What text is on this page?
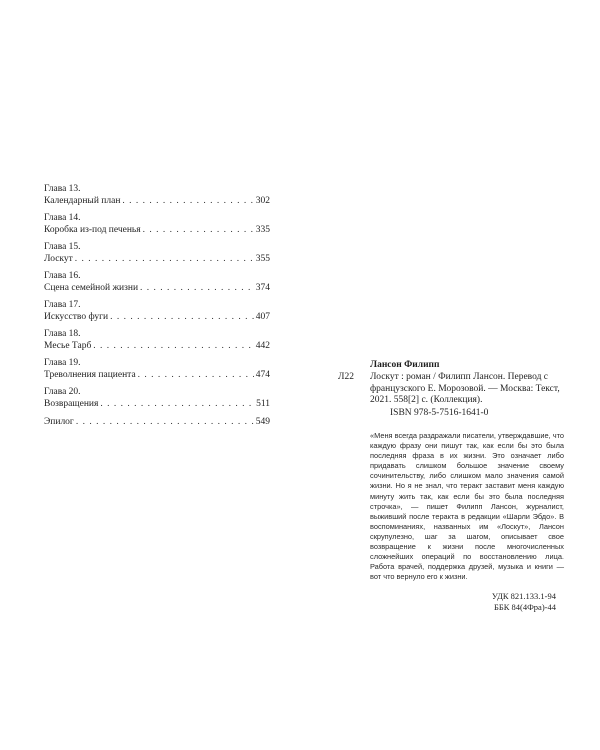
Глава 13.
Календарный план . . .	302
Глава 14.
Коробка из-под печенья . . .	335
Глава 15.
Лоскут . . .	355
Глава 16.
Сцена семейной жизни . . .	374
Глава 17.
Искусство фуги . . .	407
Глава 18.
Месье Тарб . . .	442
Глава 19.
Треволнения пациента . . .	474
Глава 20.
Возвращения . . .	511
Эпилог . . .	549
Лансон Филипп
Л22	Лоскут : роман / Филипп Лансон. Перевод с французского Е. Морозовой. — Москва: Текст, 2021. 558[2] с. (Коллекция).
ISBN 978-5-7516-1641-0
«Меня всегда раздражали писатели, утверждавшие, что каждую фразу они пишут так, как если бы это была последняя фраза в их жизни. Это означает либо придавать слишком большое значение своему сочинительству, либо слишком мало значения самой жизни. Но я не знал, что теракт заставит меня каждую минуту жить так, как если бы это была последняя строчка», — пишет Филипп Лансон, журналист, выживший после теракта в редакции «Шарли Эбдо». В воспоминаниях, названных им «Лоскут», Лансон скрупулезно, шаг за шагом, описывает свое возвращение к жизни после многочисленных сложнейших операций по восстановлению лица. Работа врачей, поддержка друзей, музыка и книги — вот что вернуло его к жизни.
УДК 821.133.1-94
ББК 84(4Фра)-44
